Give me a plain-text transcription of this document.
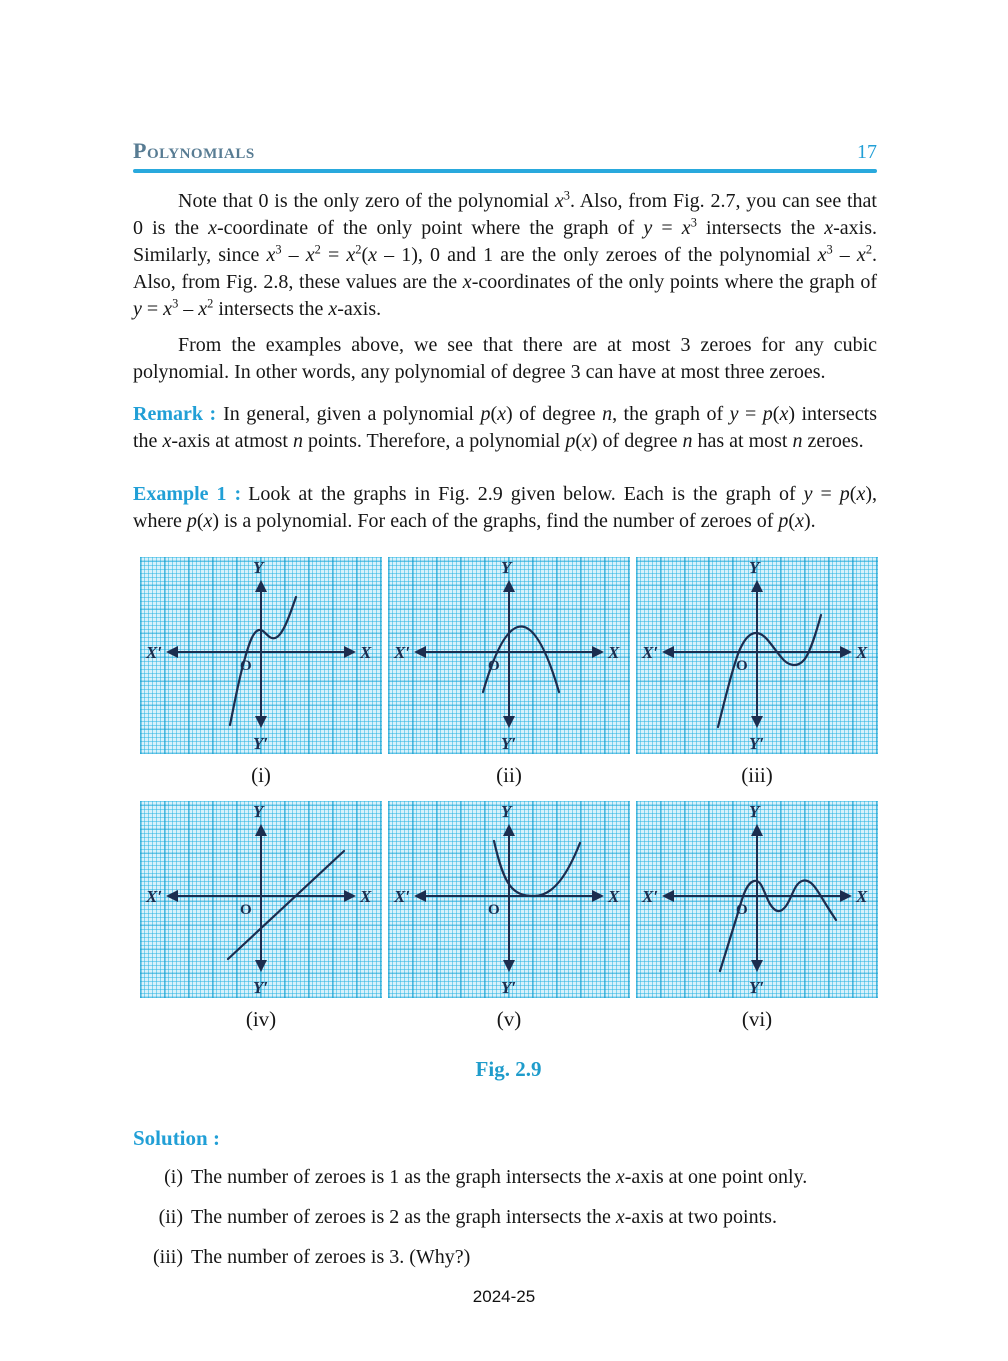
Polynomials	17

Note that 0 is the only zero of the polynomial $x^3$. Also, from Fig. 2.7, you can see that 0 is the x-coordinate of the only point where the graph of $y = x^3$ intersects the x-axis. Similarly, since $x^3 - x^2 = x^2(x - 1)$, 0 and 1 are the only zeroes of the polynomial $x^3 - x^2$. Also, from Fig. 2.8, these values are the x-coordinates of the only points where the graph of $y = x^3 - x^2$ intersects the x-axis.

From the examples above, we see that there are at most 3 zeroes for any cubic polynomial. In other words, any polynomial of degree 3 can have at most three zeroes.

Remark : In general, given a polynomial p(x) of degree n, the graph of y = p(x) intersects the x-axis at atmost n points. Therefore, a polynomial p(x) of degree n has at most n zeroes.

Example 1 : Look at the graphs in Fig. 2.9 given below. Each is the graph of y = p(x), where p(x) is a polynomial. For each of the graphs, find the number of zeroes of p(x).

(i)	(ii)	(iii)
(iv)	(v)	(vi)
Fig. 2.9
Solution :
(i) The number of zeroes is 1 as the graph intersects the x-axis at one point only.
(ii) The number of zeroes is 2 as the graph intersects the x-axis at two points.
(iii) The number of zeroes is 3. (Why?)
2024-25
